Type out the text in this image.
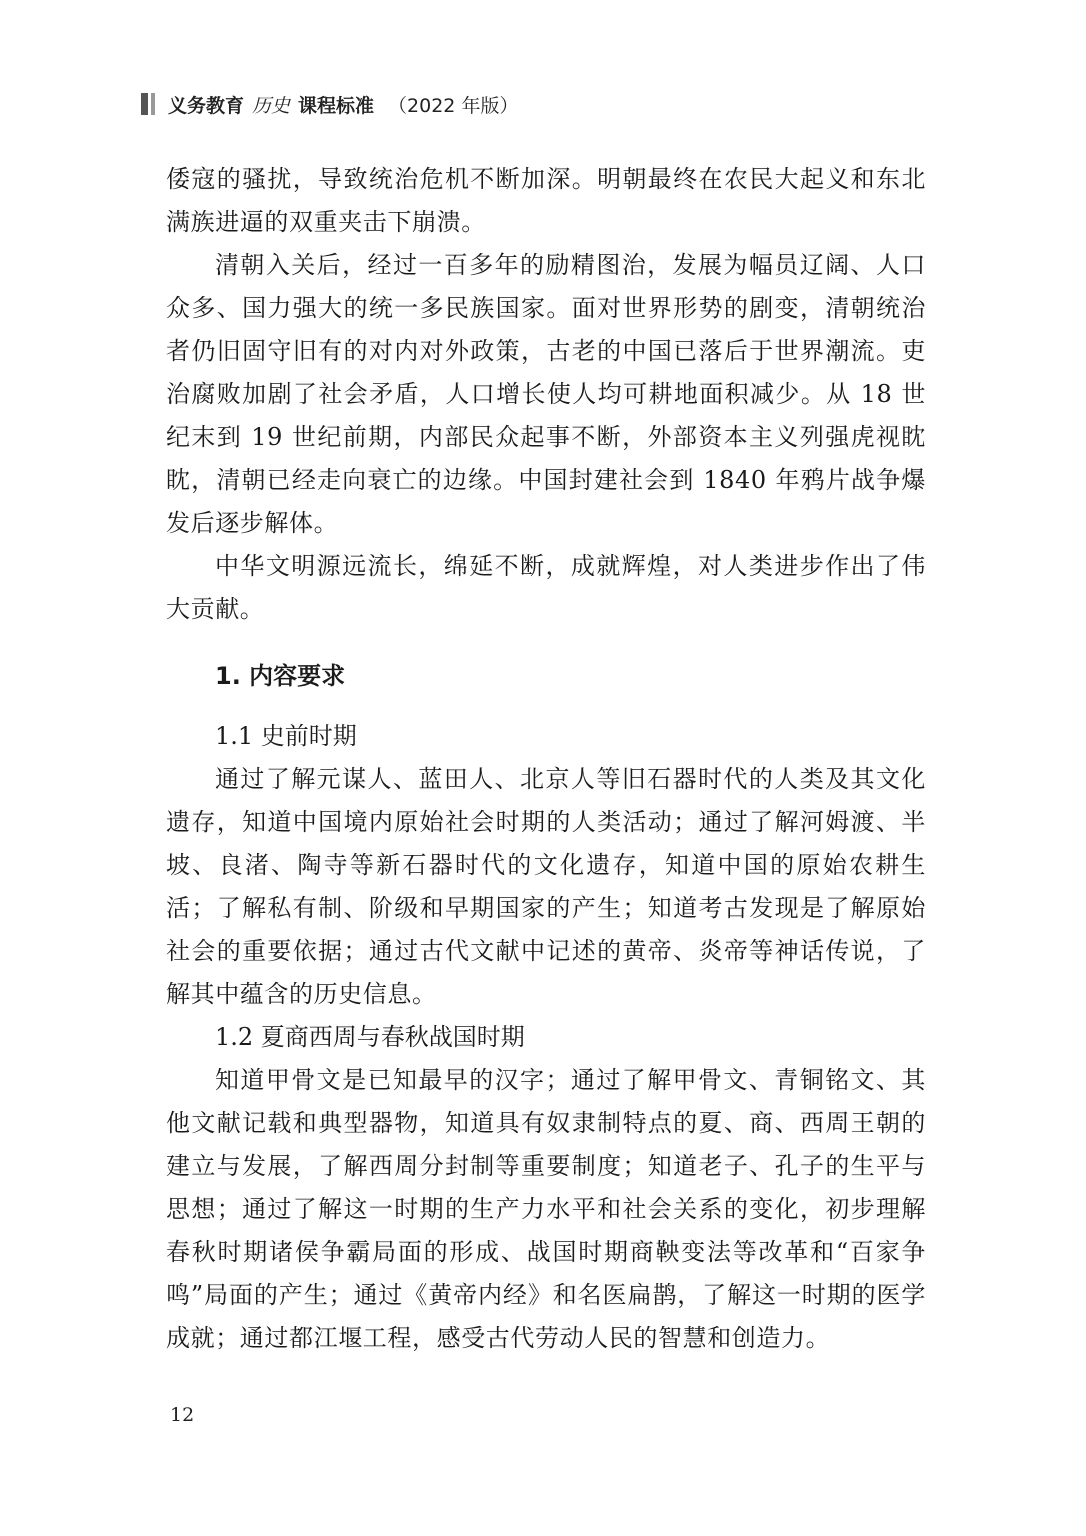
义务教育 历史 课程标准 （2022 年版）

倭寇的骚扰，导致统治危机不断加深。明朝最终在农民大起义和东北满族进逼的双重夹击下崩溃。

清朝入关后，经过一百多年的励精图治，发展为幅员辽阔、人口众多、国力强大的统一多民族国家。面对世界形势的剧变，清朝统治者仍旧固守旧有的对内对外政策，古老的中国已落后于世界潮流。吏治腐败加剧了社会矛盾，人口增长使人均可耕地面积减少。从 18 世纪末到 19 世纪前期，内部民众起事不断，外部资本主义列强虎视眈眈，清朝已经走向衰亡的边缘。中国封建社会到 1840 年鸦片战争爆发后逐步解体。

中华文明源远流长，绵延不断，成就辉煌，对人类进步作出了伟大贡献。

1. 内容要求
1.1 史前时期

通过了解元谋人、蓝田人、北京人等旧石器时代的人类及其文化遗存，知道中国境内原始社会时期的人类活动；通过了解河姆渡、半坡、良渚、陶寺等新石器时代的文化遗存，知道中国的原始农耕生活；了解私有制、阶级和早期国家的产生；知道考古发现是了解原始社会的重要依据；通过古代文献中记述的黄帝、炎帝等神话传说，了解其中蕴含的历史信息。

1.2 夏商西周与春秋战国时期

知道甲骨文是已知最早的汉字；通过了解甲骨文、青铜铭文、其他文献记载和典型器物，知道具有奴隶制特点的夏、商、西周王朝的建立与发展，了解西周分封制等重要制度；知道老子、孔子的生平与思想；通过了解这一时期的生产力水平和社会关系的变化，初步理解春秋时期诸侯争霸局面的形成、战国时期商鞅变法等改革和“百家争鸣”局面的产生；通过《黄帝内经》和名医扁鹊，了解这一时期的医学成就；通过都江堰工程，感受古代劳动人民的智慧和创造力。

12
